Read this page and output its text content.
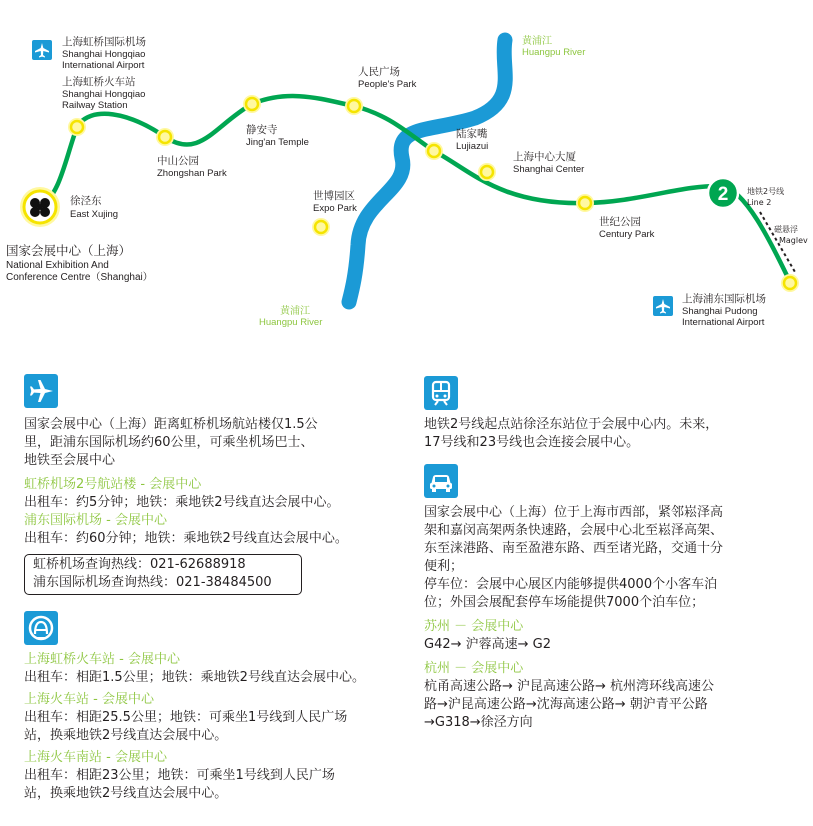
2
上海虹桥国际机场
Shanghai Hongqiao
International Airport
上海虹桥火车站
Shanghai Hongqiao
Railway Station
徐泾东
East Xujing
中山公园
Zhongshan Park
静安寺
Jing'an Temple
人民广场
People's Park
陆家嘴
Lujiazui
上海中心大厦
Shanghai Center
世纪公园
Century Park
世博园区
Expo Park
上海浦东国际机场
Shanghai Pudong
International Airport
国家会展中心（上海）
National Exhibition And
Conference Centre（Shanghai）
黄浦江
Huangpu River
黄浦江
Huangpu River
地铁2号线
Line 2
磁悬浮
Maglev

国家会展中心（上海）距离虹桥机场航站楼仅1.5公

里，距浦东国际机场约60公里，可乘坐机场巴士、

地铁至会展中心

虹桥机场2号航站楼 - 会展中心

出租车：约5分钟；地铁：乘地铁2号线直达会展中心。

浦东国际机场 - 会展中心

出租车：约60分钟；地铁：乘地铁2号线直达会展中心。

虹桥机场查询热线：021-62688918
浦东国际机场查询热线：021-38484500

上海虹桥火车站 - 会展中心

出租车：相距1.5公里；地铁：乘地铁2号线直达会展中心。

上海火车站 - 会展中心

出租车：相距25.5公里；地铁：可乘坐1号线到人民广场

站，换乘地铁2号线直达会展中心。

上海火车南站 - 会展中心

出租车：相距23公里；地铁：可乘坐1号线到人民广场

站，换乘地铁2号线直达会展中心。

地铁2号线起点站徐泾东站位于会展中心内。未来，

17号线和23号线也会连接会展中心。

国家会展中心（上海）位于上海市西部，紧邻崧泽高

架和嘉闵高架两条快速路，会展中心北至崧泽高架、

东至涞港路、南至盈港东路、西至诸光路，交通十分

便利；

停车位：会展中心展区内能够提供4000个小客车泊

位；外国会展配套停车场能提供7000个泊车位；

苏州 － 会展中心

G42→ 沪蓉高速→ G2

杭州 － 会展中心

杭甬高速公路→ 沪昆高速公路→ 杭州湾环线高速公

路→沪昆高速公路→沈海高速公路→ 朝沪青平公路

→G318→徐泾方向
